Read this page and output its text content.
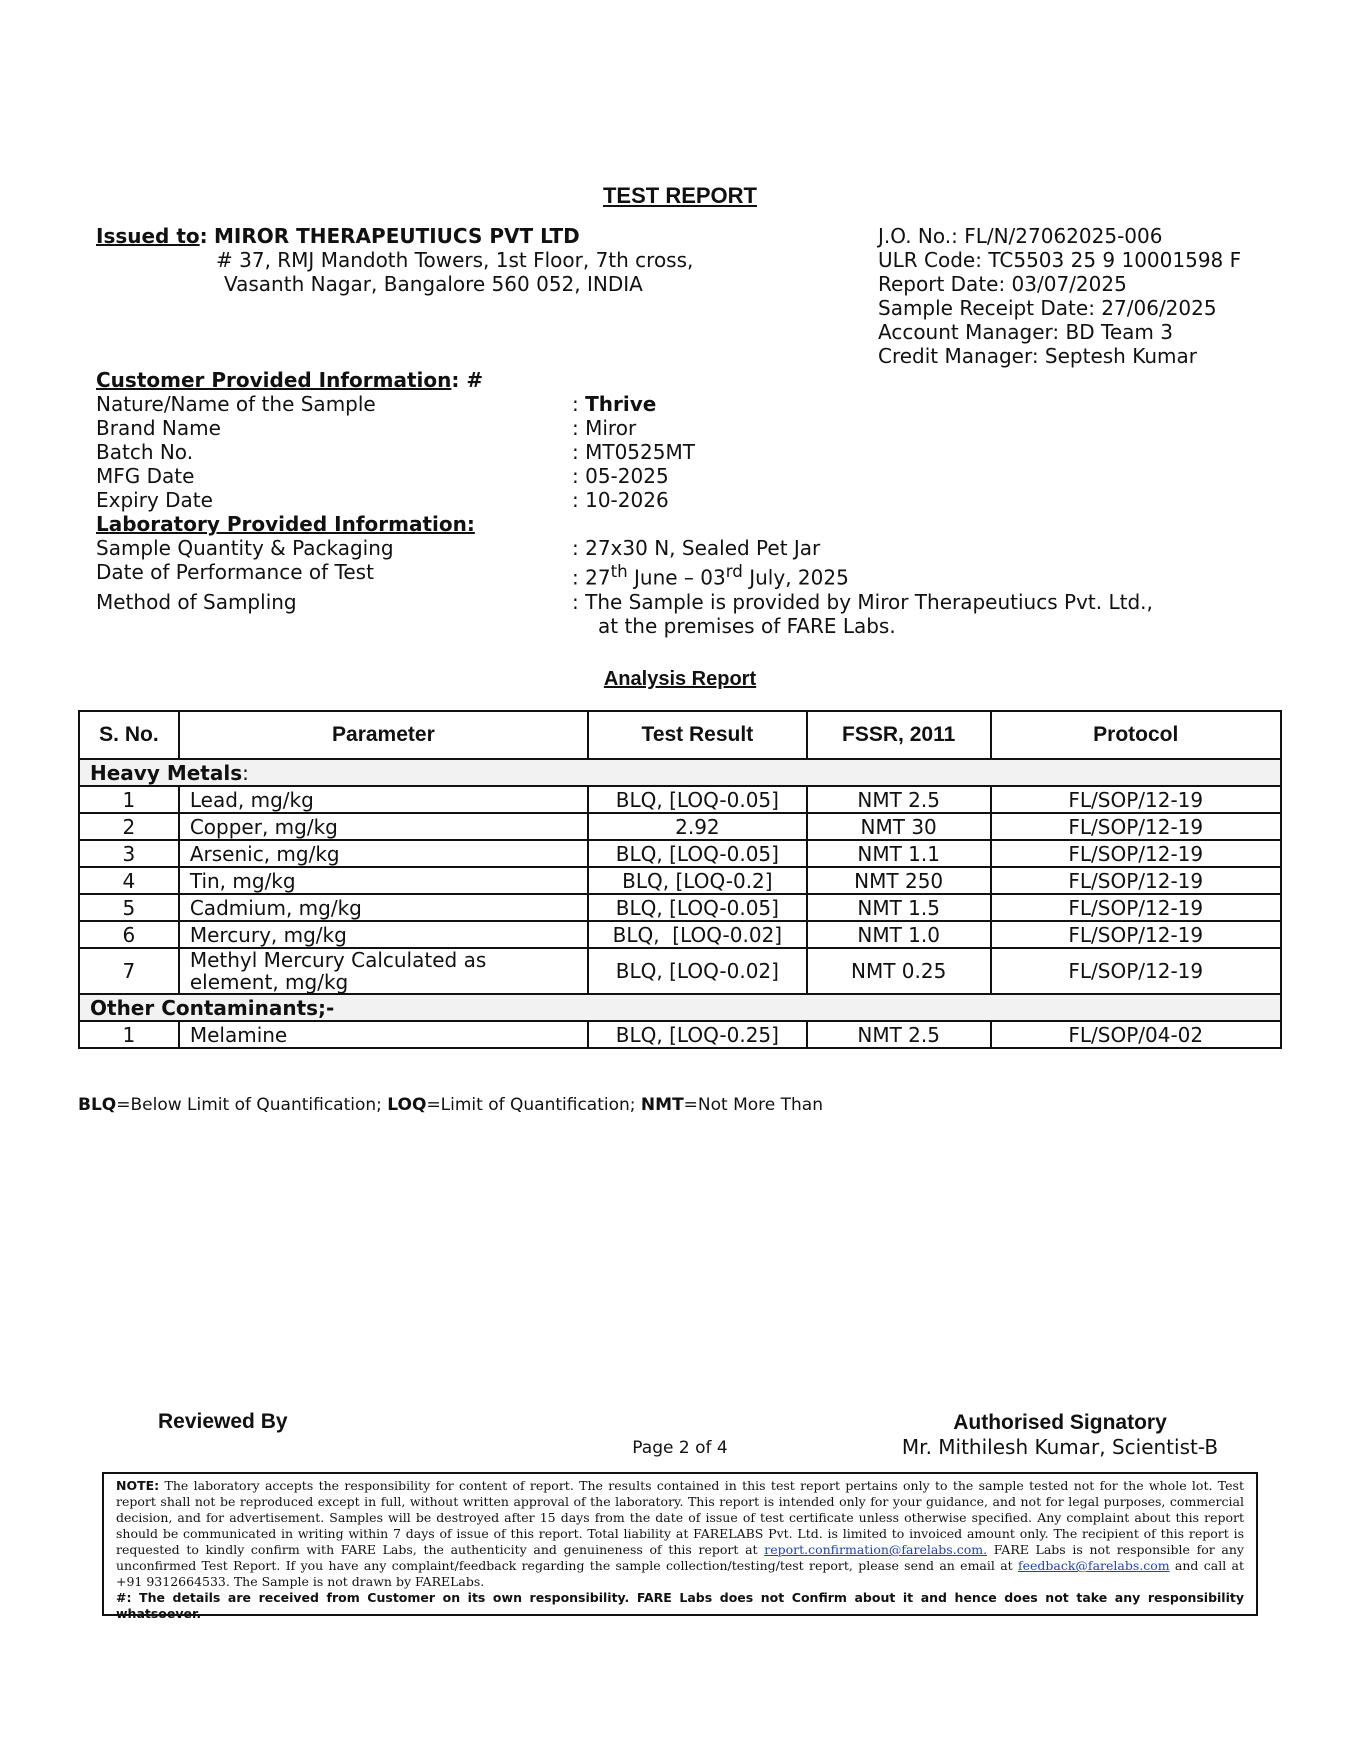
TEST REPORT
Issued to: MIROR THERAPEUTIUCS PVT LTD
# 37, RMJ Mandoth Towers, 1st Floor, 7th cross,
Vasanth Nagar, Bangalore 560 052, INDIA
J.O. No.: FL/N/27062025-006
ULR Code: TC5503 25 9 10001598 F
Report Date: 03/07/2025
Sample Receipt Date: 27/06/2025
Account Manager: BD Team 3
Credit Manager: Septesh Kumar
Customer Provided Information: #
Nature/Name of the Sample	: Thrive
Brand Name	: Miror
Batch No.	: MT0525MT
MFG Date	: 05-2025
Expiry Date	: 10-2026
Laboratory Provided Information:
Sample Quantity & Packaging	: 27x30 N, Sealed Pet Jar
Date of Performance of Test	: 27th June – 03rd July, 2025
Method of Sampling	: The Sample is provided by Miror Therapeutiucs Pvt. Ltd.,
at the premises of FARE Labs.
Analysis Report
S. No.	Parameter	Test Result	FSSR, 2011	Protocol
Heavy Metals:
1	Lead, mg/kg	BLQ, [LOQ-0.05]	NMT 2.5	FL/SOP/12-19
2	Copper, mg/kg	2.92	NMT 30	FL/SOP/12-19
3	Arsenic, mg/kg	BLQ, [LOQ-0.05]	NMT 1.1	FL/SOP/12-19
4	Tin, mg/kg	BLQ, [LOQ-0.2]	NMT 250	FL/SOP/12-19
5	Cadmium, mg/kg	BLQ, [LOQ-0.05]	NMT 1.5	FL/SOP/12-19
6	Mercury, mg/kg	BLQ,  [LOQ-0.02]	NMT 1.0	FL/SOP/12-19
7	Methyl Mercury Calculated as element, mg/kg	BLQ, [LOQ-0.02]	NMT 0.25	FL/SOP/12-19
Other Contaminants;-
1	Melamine	BLQ, [LOQ-0.25]	NMT 2.5	FL/SOP/04-02
BLQ=Below Limit of Quantification; LOQ=Limit of Quantification; NMT=Not More Than
Reviewed By	Authorised Signatory
Mr. Mithilesh Kumar, Scientist-B
Page 2 of 4
NOTE: The laboratory accepts the responsibility for content of report. The results contained in this test report pertains only to the sample tested not for the whole lot. Test report shall not be reproduced except in full, without written approval of the laboratory. This report is intended only for your guidance, and not for legal purposes, commercial decision, and for advertisement. Samples will be destroyed after 15 days from the date of issue of test certificate unless otherwise specified. Any complaint about this report should be communicated in writing within 7 days of issue of this report. Total liability at FARELABS Pvt. Ltd. is limited to invoiced amount only. The recipient of this report is requested to kindly confirm with FARE Labs, the authenticity and genuineness of this report at report.confirmation@farelabs.com. FARE Labs is not responsible for any unconfirmed Test Report. If you have any complaint/feedback regarding the sample collection/testing/test report, please send an email at feedback@farelabs.com and call at +91 9312664533. The Sample is not drawn by FARELabs.
#: The details are received from Customer on its own responsibility. FARE Labs does not Confirm about it and hence does not take any responsibility whatsoever.
